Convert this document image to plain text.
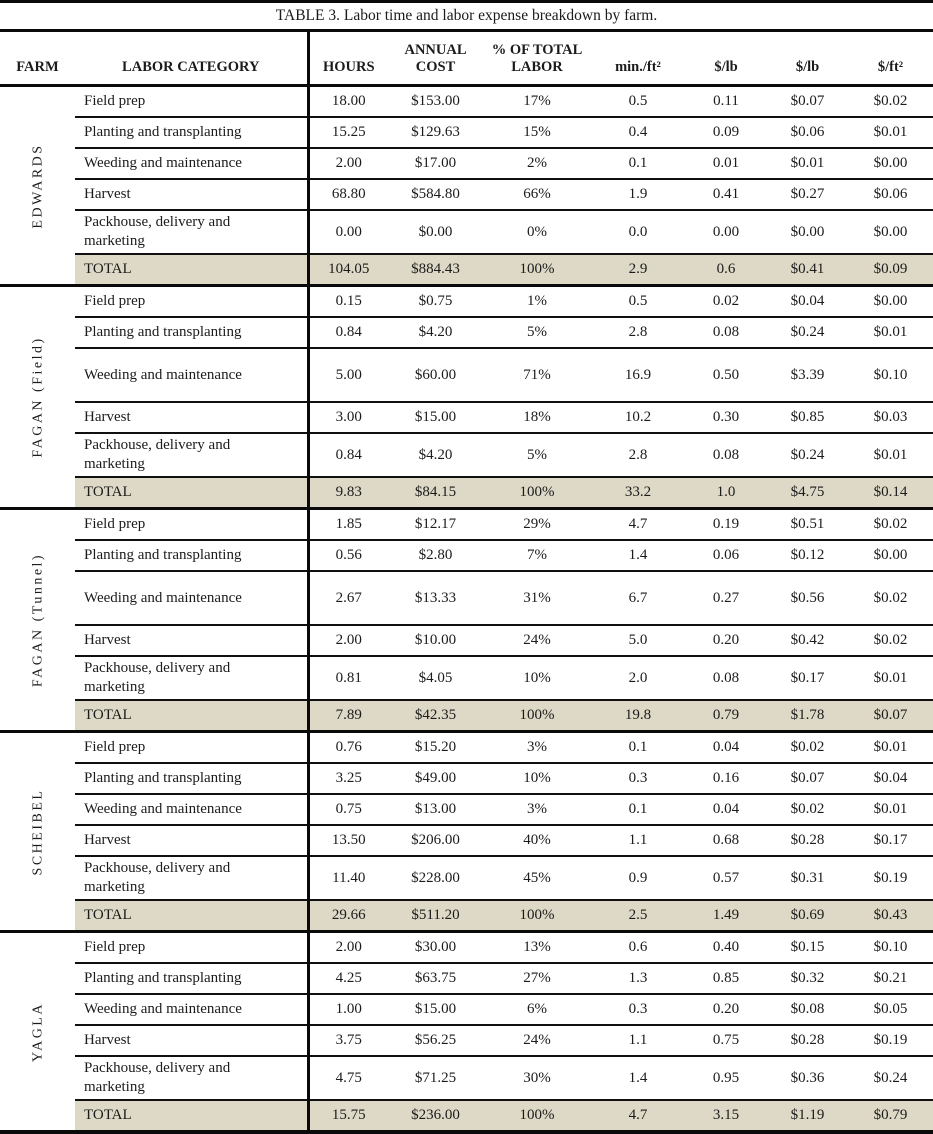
TABLE 3. Labor time and labor expense breakdown by farm.
FARM	LABOR CATEGORY	HOURS	ANNUAL COST	% OF TOTAL LABOR	min./ft²	$/lb	$/lb	$/ft²

EDWARDS	Field prep	18.00	$153.00	17%	0.5	0.11	$0.07	$0.02
	Planting and transplanting	15.25	$129.63	15%	0.4	0.09	$0.06	$0.01
	Weeding and maintenance	2.00	$17.00	2%	0.1	0.01	$0.01	$0.00
	Harvest	68.80	$584.80	66%	1.9	0.41	$0.27	$0.06
	Packhouse, delivery and marketing	0.00	$0.00	0%	0.0	0.00	$0.00	$0.00
	TOTAL	104.05	$884.43	100%	2.9	0.6	$0.41	$0.09

FAGAN (Field)	Field prep	0.15	$0.75	1%	0.5	0.02	$0.04	$0.00
	Planting and transplanting	0.84	$4.20	5%	2.8	0.08	$0.24	$0.01
	Weeding and maintenance	5.00	$60.00	71%	16.9	0.50	$3.39	$0.10
	Harvest	3.00	$15.00	18%	10.2	0.30	$0.85	$0.03
	Packhouse, delivery and marketing	0.84	$4.20	5%	2.8	0.08	$0.24	$0.01
	TOTAL	9.83	$84.15	100%	33.2	1.0	$4.75	$0.14

FAGAN (Tunnel)	Field prep	1.85	$12.17	29%	4.7	0.19	$0.51	$0.02
	Planting and transplanting	0.56	$2.80	7%	1.4	0.06	$0.12	$0.00
	Weeding and maintenance	2.67	$13.33	31%	6.7	0.27	$0.56	$0.02
	Harvest	2.00	$10.00	24%	5.0	0.20	$0.42	$0.02
	Packhouse, delivery and marketing	0.81	$4.05	10%	2.0	0.08	$0.17	$0.01
	TOTAL	7.89	$42.35	100%	19.8	0.79	$1.78	$0.07

SCHEIBEL	Field prep	0.76	$15.20	3%	0.1	0.04	$0.02	$0.01
	Planting and transplanting	3.25	$49.00	10%	0.3	0.16	$0.07	$0.04
	Weeding and maintenance	0.75	$13.00	3%	0.1	0.04	$0.02	$0.01
	Harvest	13.50	$206.00	40%	1.1	0.68	$0.28	$0.17
	Packhouse, delivery and marketing	11.40	$228.00	45%	0.9	0.57	$0.31	$0.19
	TOTAL	29.66	$511.20	100%	2.5	1.49	$0.69	$0.43

YAGLA	Field prep	2.00	$30.00	13%	0.6	0.40	$0.15	$0.10
	Planting and transplanting	4.25	$63.75	27%	1.3	0.85	$0.32	$0.21
	Weeding and maintenance	1.00	$15.00	6%	0.3	0.20	$0.08	$0.05
	Harvest	3.75	$56.25	24%	1.1	0.75	$0.28	$0.19
	Packhouse, delivery and marketing	4.75	$71.25	30%	1.4	0.95	$0.36	$0.24
	TOTAL	15.75	$236.00	100%	4.7	3.15	$1.19	$0.79
